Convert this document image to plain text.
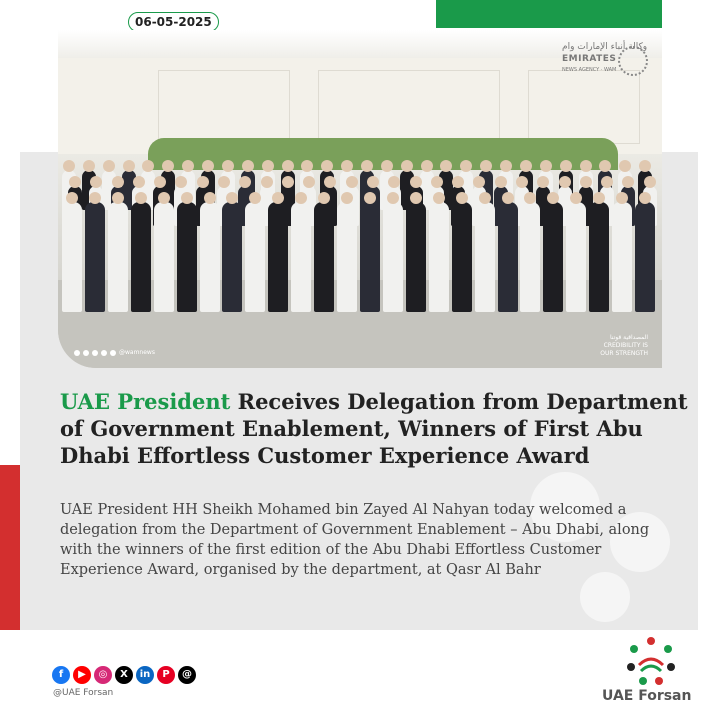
06-05-2025
وكالة أنباء الإمارات وام
EMIRATES
NEWS AGENCY · WAM
@wamnews
المصداقية قوتنا
CREDIBILITY IS
OUR STRENGTH
UAE President Receives Delegation from Department of Government Enablement, Winners of First Abu Dhabi Effortless Customer Experience Award
UAE President HH Sheikh Mohamed bin Zayed Al Nahyan today welcomed a delegation from the Department of Government Enablement – Abu Dhabi, along with the winners of the first edition of the Abu Dhabi Effortless Customer Experience Award, organised by the department, at Qasr Al Bahr
f	▶	◎	X	in	P	@
@UAE Forsan	UAE Forsan
